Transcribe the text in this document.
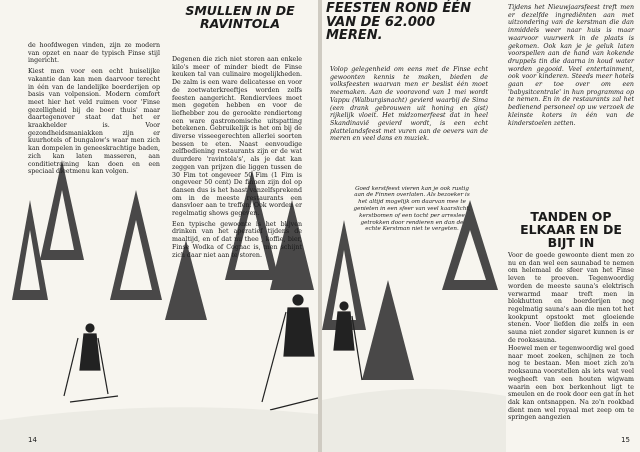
de hoofdwegen vinden, zijn ze modern van opzet en naar de typisch Finse stijl ingericht.

Kiest men voor een echt huiselijke vakantie dan kan men daarvoor terecht in één van de landelijke boerderijen op basis van volpension. Modern comfort meet hier het veld ruimen voor 'Finse gezelligheid bij de boer thuis' maar daartegenover staat dat het er kraakhelder is. Voor gezondheidsmaniakken zijn er kuurhotels of bungalow's waar men zich kan dompelen in geneeskrachtige baden, zich kan laten masseren, aan conditietraining kan doen en een speciaal dieetmenu kan volgen.

SMULLEN IN DE RAVINTOLA

Degenen die zich niet storen aan enkele kilo's meer of minder biedt de Finse keuken tal van culinaire mogelijkheden. De zalm is een ware delicatesse en voor de zoetwaterkreeftjes worden zelfs feesten aangericht. Rendiervlees moet men gegeten hebben en voor de liefhebber zou de gerookte rendiertong een ware gastronomische uitspatting betekenen. Gebruikelijk is het om bij de diverse visseegerechten allerlei soorten bessen te eten. Naast eenvoudige zelfbediening restaurants zijn er de wat duurdere 'ravintola's', als je dat kan zeggen van prijzen die liggen tussen de 30 Fim tot ongeveer 50 Fim (1 Fim is ongeveer 50 cent) De finnen zijn dol op dansen dus is het haast vanzelfsprekend om in de meeste restaurants een dansvloer aan te treffen. Ook worden er regelmatig shows gegeven.

Een typische gewoonte is het blijven drinken van het aperatief tijdens de maaltijd, en of dat nu thee , koffie, bier, Finse Wodka of Cognac is, men schijnt zich daar niet aan te storen.

14
FEESTEN ROND ÉÉN VAN DE 62.000 MEREN.

Volop gelegenheid om eens met de Finse echt gewoonten kennis te maken, bieden de volksfeesten waarvan men er beslist één moet meemaken. Aan de vooravond van 1 mei wordt Vappu (Walburgisnacht) gevierd waarbij de Sima (een drank gebrouwen uit honing en gist) rijkelijk vloeit. Het midzomerfeest dat in heel Skandinavië gevierd wordt, is een echt plattelandsfeest met vuren aan de oevers van de meren en veel dans en muziek.

Goed kerstfeest vieren kan je ook rustig aan de Finnen overlaten. Als bezoeker is het altijd mogelijk om daarvan mee te genieten in een sfeer van veel kaarslicht, kerstbomen of een tocht per arreslee getrokken door rendieren en dan de echte Kerstman niet te vergeten.

Tijdens het Nieuwjaarsfeest treft men er dezelfde ingrediënten aan met uitzondering van de kerstman die dan inmiddels weer naar huis is maar waarvoor vuurwerk in de plaats is gekomen. Ook kan je je geluk laten voorspellen aan de hand van kokende druppels tin die daarna in koud water worden gegooid. Veel entertainment, ook voor kinderen. Steeds meer hotels gaan er toe over om een 'babysitcentrale' in hun programma op te nemen. En in de restaurants zal het bedienend personeel op uw verzoek de kleinste koters in één van de kinderstoelen zetten.

TANDEN OP ELKAAR EN DE BIJT IN

Voor de goede gewoonte dient men zo nu en dan wel een saunabad te nemen om helemaal de sfeer van het Finse leven te proeven. Tegenwoordig worden de meeste sauna's elektrisch verwarmd maar treft men in blokhutten en boerderijen nog regelmatig sauna's aan die men tot het kookpunt opstookt met gloeiende stenen. Voor liefden die zelfs in een sauna niet zonder sigaret kunnen is er de rookasauna.

Hoewel men er tegenwoordig wel goed naar moet zoeken, schijnen ze toch nog te bestaan. Men moet zich zo'n rooksauna voorstellen als iets wat veel wegheeft van een houten wigwam waarin een box berkenhout ligt te smeulen en de rook door een gat in het dak kan ontsnappen. Na zo'n rookbad dient men wel royaal met zeep om te springen aangezien

15
